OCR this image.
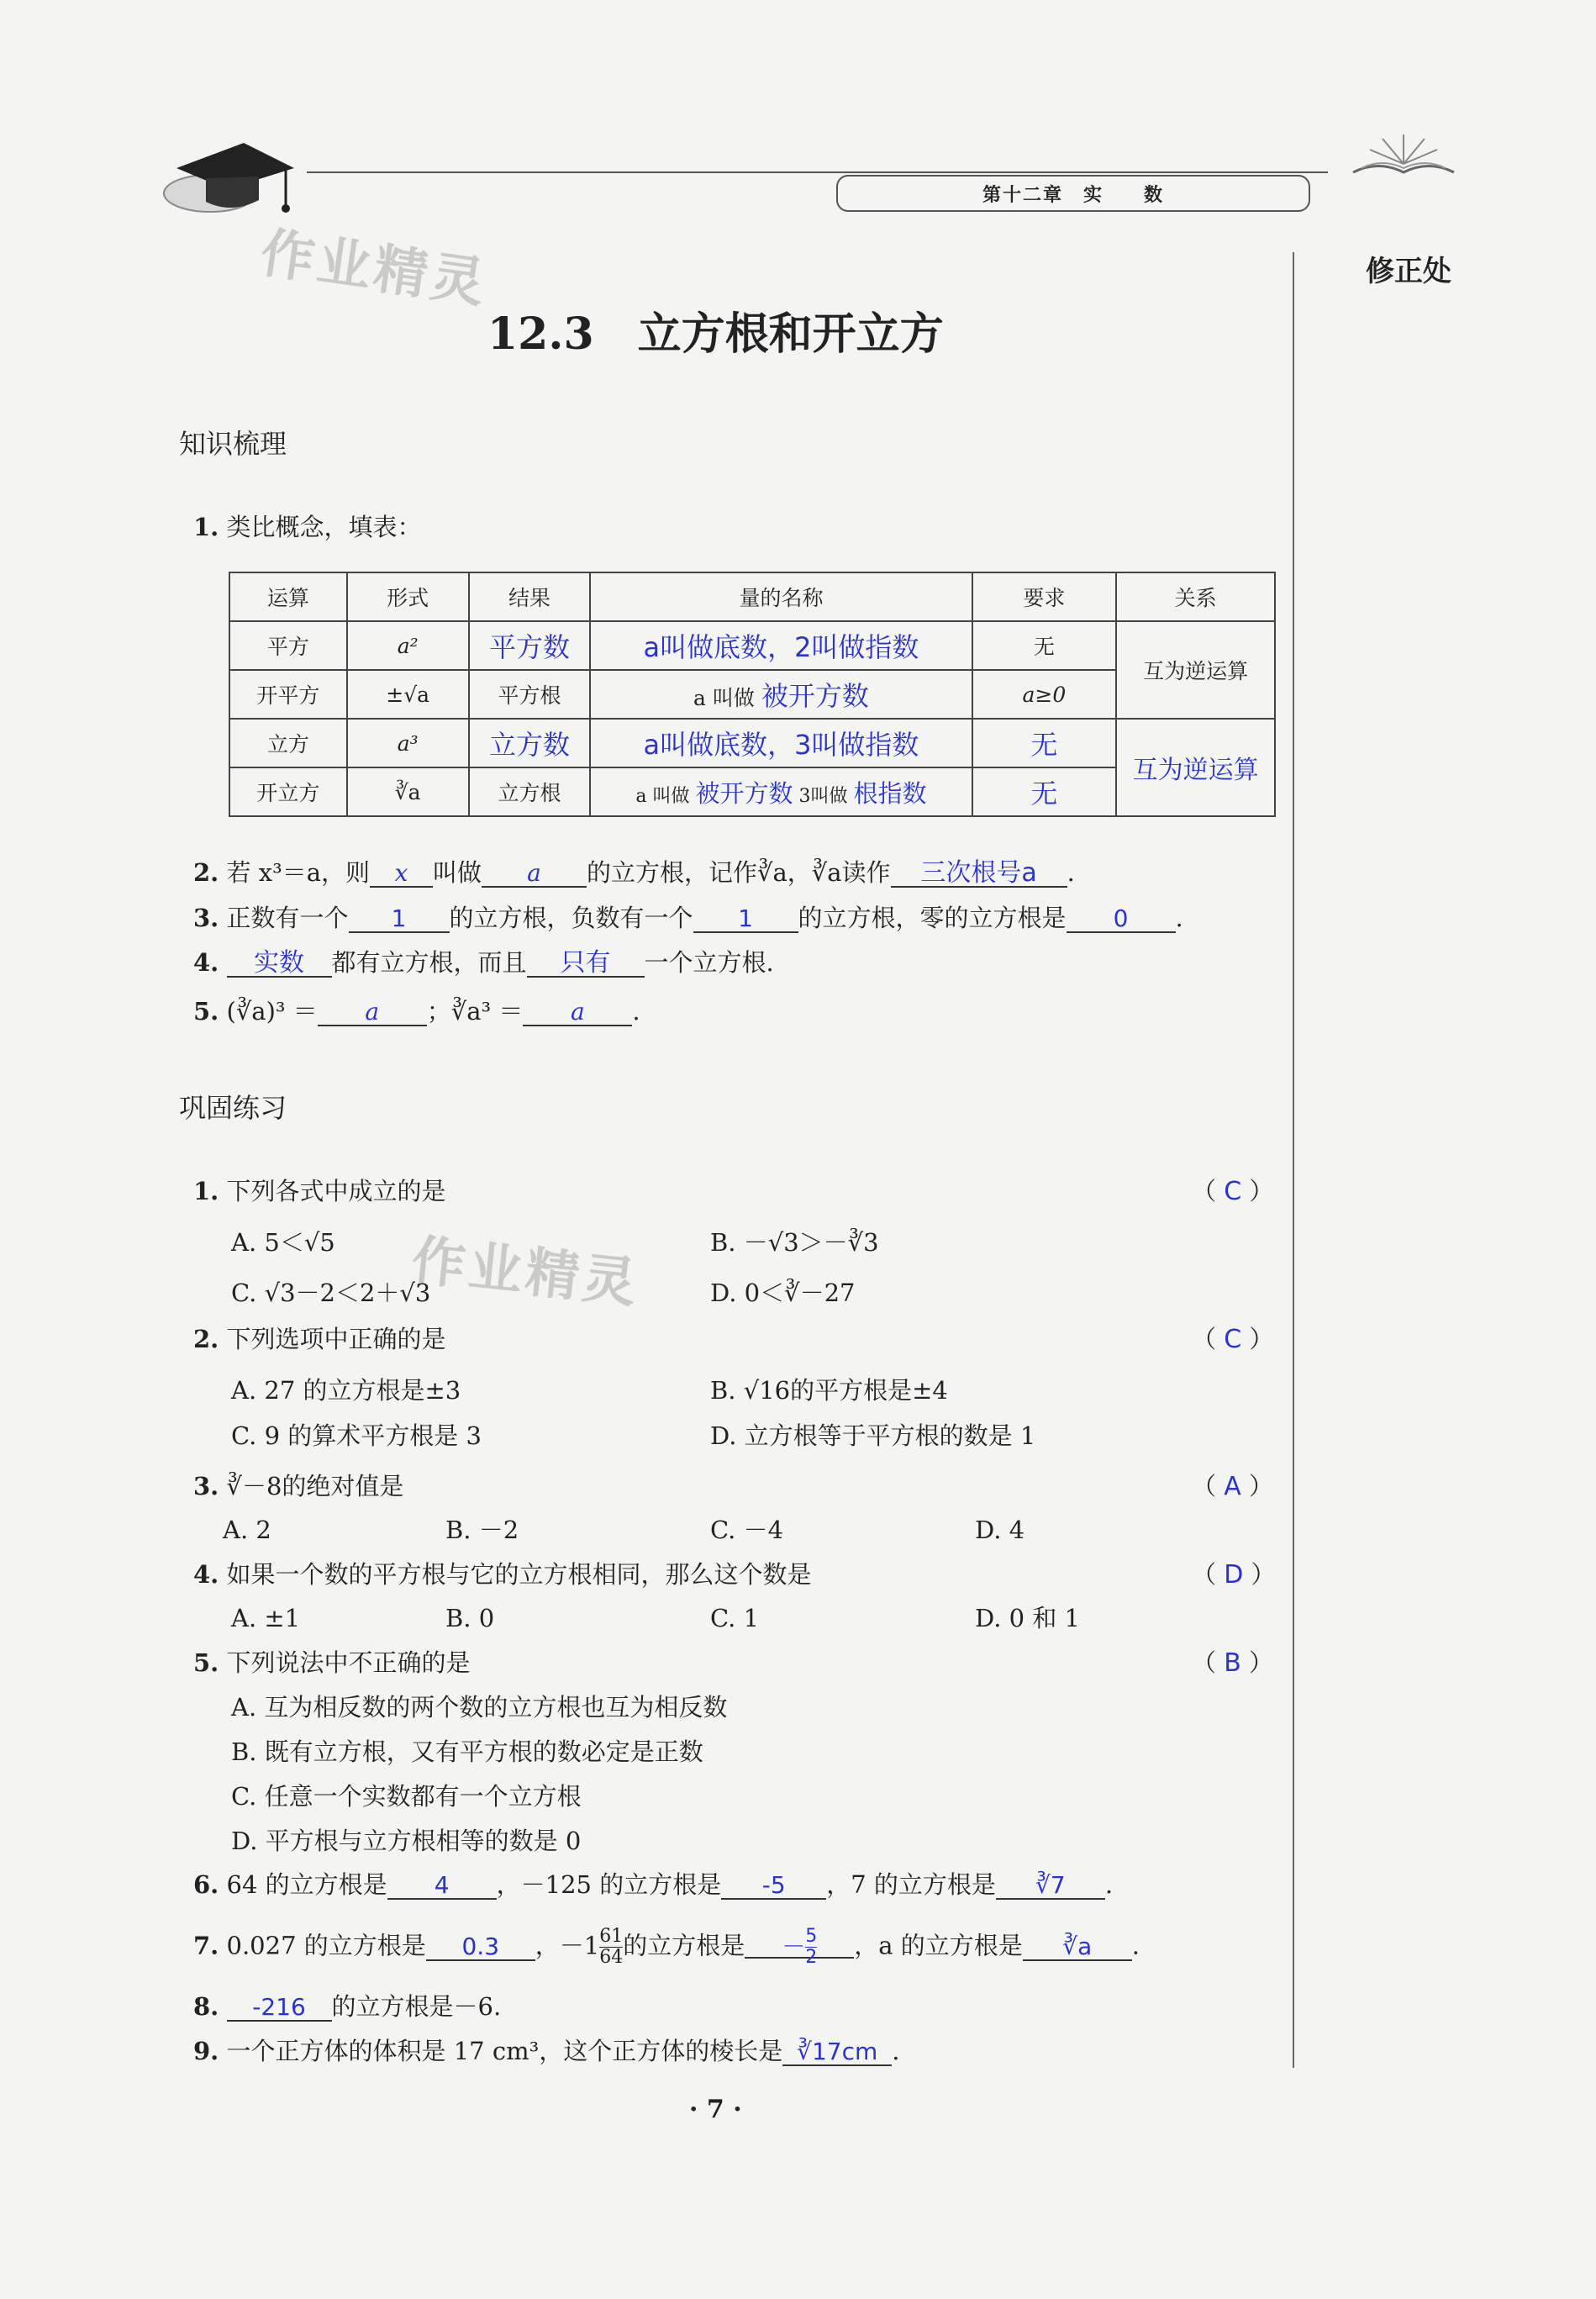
第十二章　实　　数
修正处
作业精灵
作业精灵
12.3　立方根和开立方
知识梳理
1. 类比概念，填表：
运算	形式	结果	量的名称	要求	关系
平方	a²	平方数	a叫做底数，2叫做指数	无	互为逆运算
开平方	±√a	平方根	a 叫做 被开方数	a≥0	
立方	a³	立方数	a叫做底数，3叫做指数	无	互为逆运算
开立方	∛a	立方根	a 叫做 被开方数 3叫做 根指数	无	
2. 若 x³＝a，则 x 叫做 a 的立方根，记作∛a，∛a读作 三次根号a .
3. 正数有一个 1 的立方根，负数有一个 1 的立方根，零的立方根是 0 .
4. 实数 都有立方根，而且 只有 一个立方根.
5. (∛a)³ ＝ a ；∛a³ ＝ a .
巩固练习
1. 下列各式中成立的是	（ C ）
A. 5＜√5	B. －√3＞－∛3
C. √3－2＜2＋√3	D. 0＜∛－27
2. 下列选项中正确的是	（ C ）
A. 27 的立方根是±3	B. √16的平方根是±4
C. 9 的算术平方根是 3	D. 立方根等于平方根的数是 1
3. ∛－8的绝对值是	（ A ）
A. 2	B. －2	C. －4	D. 4
4. 如果一个数的平方根与它的立方根相同，那么这个数是	（ D ）
A. ±1	B. 0	C. 1	D. 0 和 1
5. 下列说法中不正确的是	（ B ）
A. 互为相反数的两个数的立方根也互为相反数
B. 既有立方根，又有平方根的数必定是正数
C. 任意一个实数都有一个立方根
D. 平方根与立方根相等的数是 0
6. 64 的立方根是 4 ，－125 的立方根是 -5 ，7 的立方根是 ∛7 .
7. 0.027 的立方根是 0.3 ，$-1 \frac{61}{64}$ 的立方根是 － $\frac{5}{2}$ ，a 的立方根是 ∛a .
8. -216 的立方根是－6.
9. 一个正方体的体积是 17 cm³，这个正方体的棱长是 ∛17cm .
· 7 ·
